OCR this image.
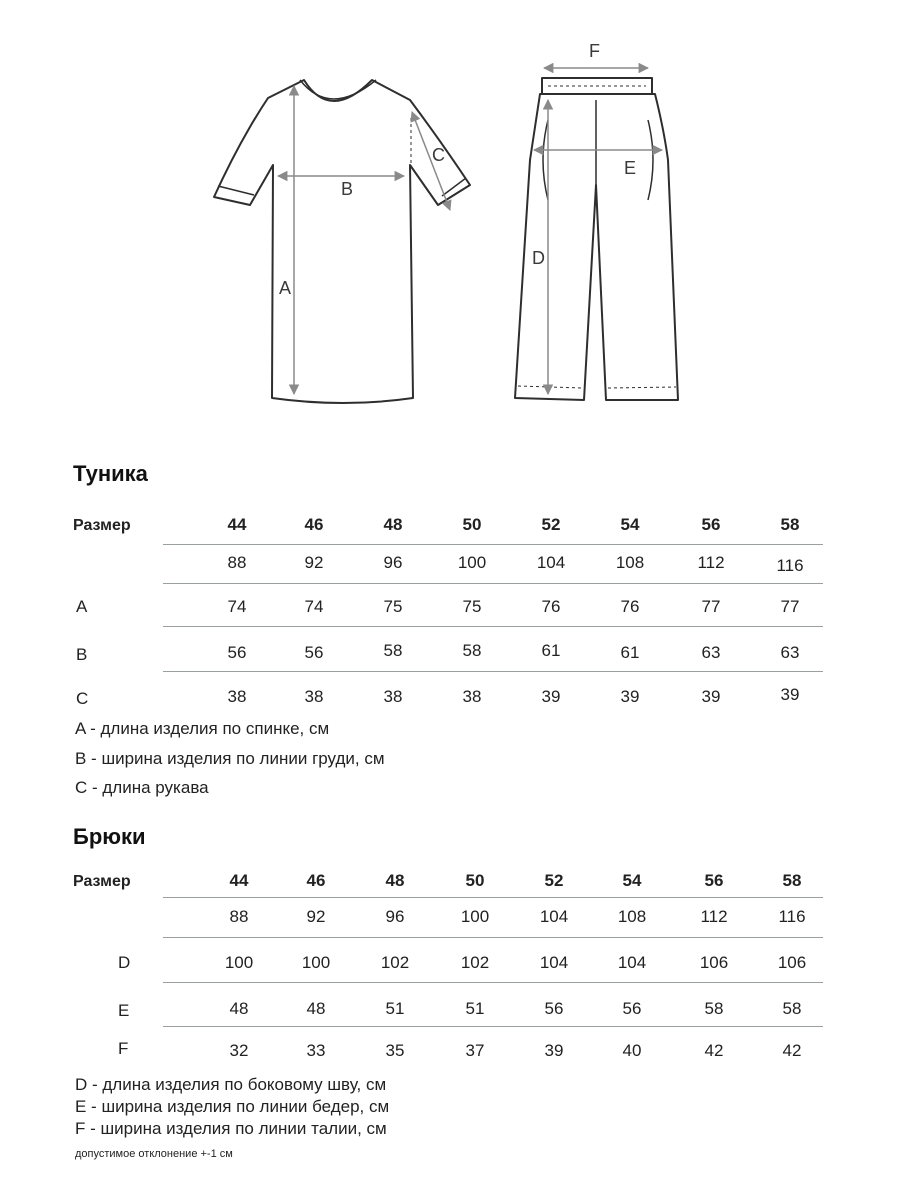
A
B
C
D
E
F
Туника
Размер	44	46	48	50	52	54	56	58
88	92	96	100	104	108	112	116
A	74	74	75	75	76	76	77	77
B	56	56	58	58	61	61	63	63
C	38	38	38	38	39	39	39	39
A - длина изделия по спинке, см
B - ширина изделия по линии груди, см
C - длина рукава
Брюки
Размер	44	46	48	50	52	54	56	58
88	92	96	100	104	108	112	116
D	100	100	102	102	104	104	106	106
E	48	48	51	51	56	56	58	58
F	32	33	35	37	39	40	42	42
D - длина изделия по боковому шву, см
E - ширина изделия по линии бедер, см
F - ширина изделия по линии талии, см
допустимое отклонение +-1 см
